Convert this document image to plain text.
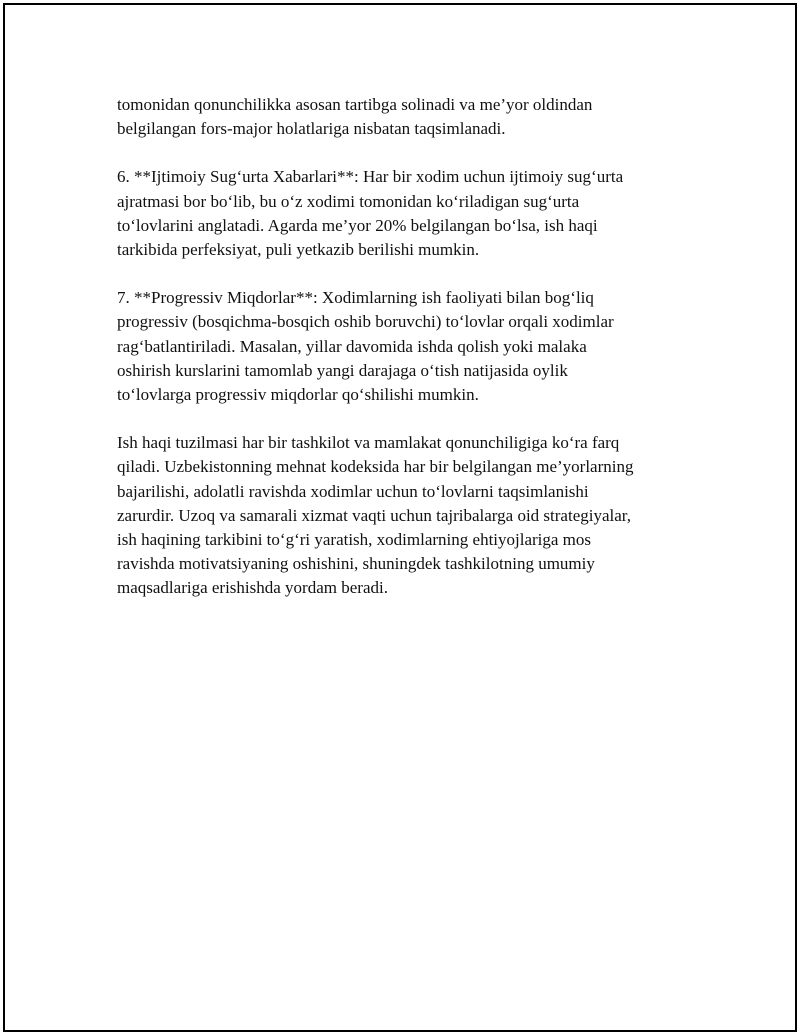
tomonidan qonunchilikka asosan tartibga solinadi va me’yor oldindan
belgilangan fors-major holatlariga nisbatan taqsimlanadi.

6. **Ijtimoiy Sug‘urta Xabarlari**: Har bir xodim uchun ijtimoiy sug‘urta
ajratmasi bor bo‘lib, bu o‘z xodimi tomonidan ko‘riladigan sug‘urta
to‘lovlarini anglatadi. Agarda me’yor 20% belgilangan bo‘lsa, ish haqi
tarkibida perfeksiyat, puli yetkazib berilishi mumkin.

7. **Progressiv Miqdorlar**: Xodimlarning ish faoliyati bilan bog‘liq
progressiv (bosqichma-bosqich oshib boruvchi) to‘lovlar orqali xodimlar
rag‘batlantiriladi. Masalan, yillar davomida ishda qolish yoki malaka
oshirish kurslarini tamomlab yangi darajaga o‘tish natijasida oylik
to‘lovlarga progressiv miqdorlar qo‘shilishi mumkin.

Ish haqi tuzilmasi har bir tashkilot va mamlakat qonunchiligiga ko‘ra farq
qiladi. Uzbekistonning mehnat kodeksida har bir belgilangan me’yorlarning
bajarilishi, adolatli ravishda xodimlar uchun to‘lovlarni taqsimlanishi
zarurdir. Uzoq va samarali xizmat vaqti uchun tajribalarga oid strategiyalar,
ish haqining tarkibini to‘g‘ri yaratish, xodimlarning ehtiyojlariga mos
ravishda motivatsiyaning oshishini, shuningdek tashkilotning umumiy
maqsadlariga erishishda yordam beradi.
